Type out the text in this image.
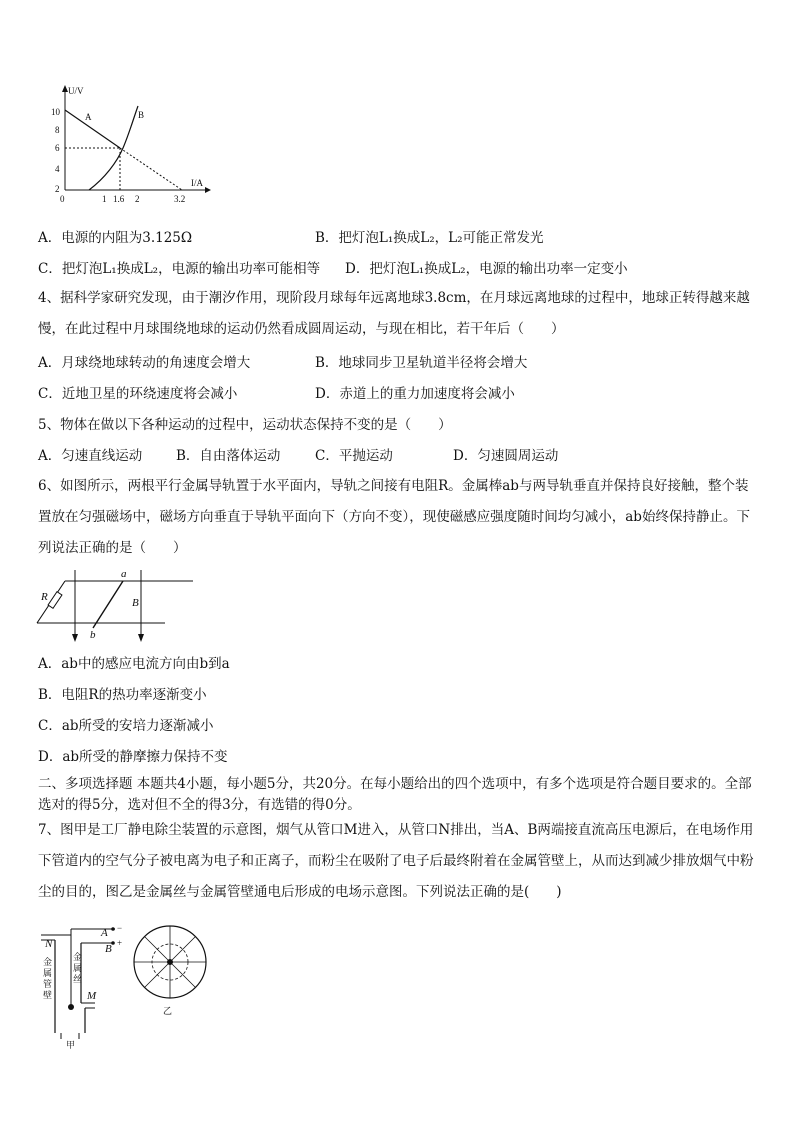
U/V
I/A
10
8
6
4
2
0	1 1.6 2	3.2
A	B
A．电源的内阻为3.125Ω	B．把灯泡L₁换成L₂，L₂可能正常发光
C．把灯泡L₁换成L₂，电源的输出功率可能相等 D．把灯泡L₁换成L₂，电源的输出功率一定变小
4、据科学家研究发现，由于潮汐作用，现阶段月球每年远离地球3.8cm，在月球远离地球的过程中，地球正转得越来越慢，在此过程中月球围绕地球的运动仍然看成圆周运动，与现在相比，若干年后（　　）
A．月球绕地球转动的角速度会增大	B．地球同步卫星轨道半径将会增大
C．近地卫星的环绕速度将会减小	D．赤道上的重力加速度将会减小
5、物体在做以下各种运动的过程中，运动状态保持不变的是（　　）
A．匀速直线运动	B．自由落体运动	C．平抛运动	D．匀速圆周运动
6、如图所示，两根平行金属导轨置于水平面内，导轨之间接有电阻R。金属棒ab与两导轨垂直并保持良好接触，整个装置放在匀强磁场中，磁场方向垂直于导轨平面向下（方向不变），现使磁感应强度随时间均匀减小，ab始终保持静止。下列说法正确的是（　　）
R
a
b
B
A．ab中的感应电流方向由b到a
B．电阻R的热功率逐渐变小
C．ab所受的安培力逐渐减小
D．ab所受的静摩擦力保持不变
二、多项选择题 本题共4小题，每小题5分，共20分。在每小题给出的四个选项中，有多个选项是符合题目要求的。全部选对的得5分，选对但不全的得3分，有选错的得0分。
7、图甲是工厂静电除尘装置的示意图，烟气从管口M进入，从管口N排出，当A、B两端接直流高压电源后，在电场作用下管道内的空气分子被电离为电子和正离子，而粉尘在吸附了电子后最终附着在金属管壁上，从而达到减少排放烟气中粉尘的目的，图乙是金属丝与金属管壁通电后形成的电场示意图。下列说法正确的是(　　)
A −
B +
N
M
金
属
管
壁
金
属
丝
甲
乙
